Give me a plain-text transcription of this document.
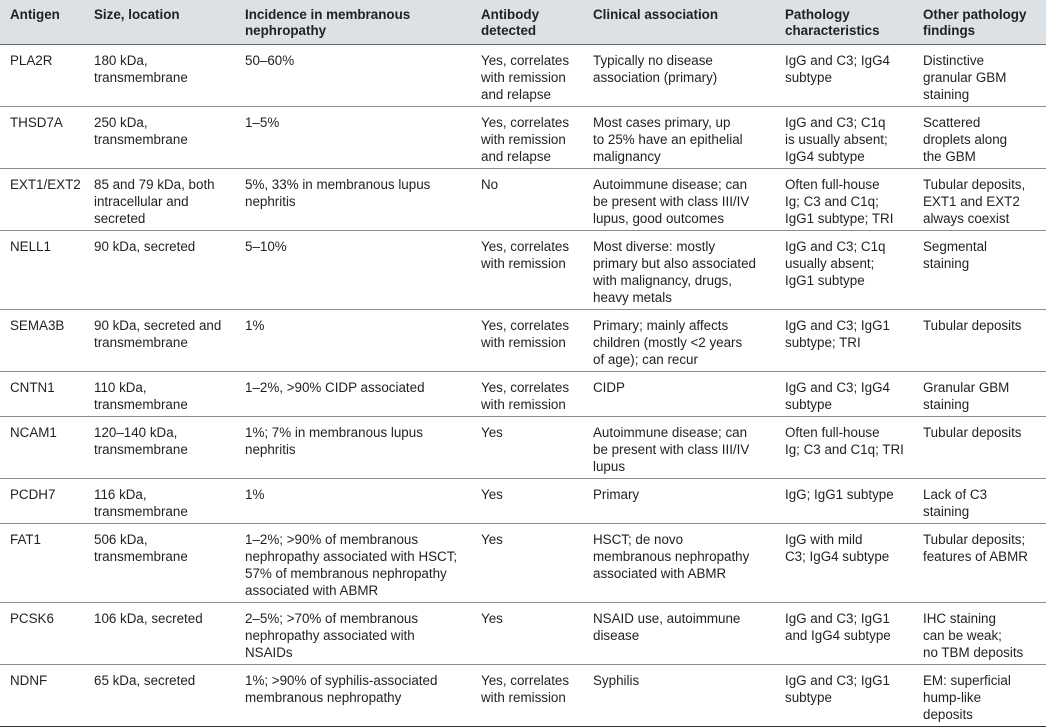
Antigen	Size, location	Incidence in membranous
nephropathy	Antibody
detected	Clinical association	Pathology
characteristics	Other pathology
findings
PLA2R	180 kDa,
transmembrane	50–60%	Yes, correlates
with remission
and relapse	Typically no disease
association (primary)	IgG and C3; IgG4
subtype	Distinctive
granular GBM
staining
THSD7A	250 kDa,
transmembrane	1–5%	Yes, correlates
with remission
and relapse	Most cases primary, up
to 25% have an epithelial
malignancy	IgG and C3; C1q
is usually absent;
IgG4 subtype	Scattered
droplets along
the GBM
EXT1/EXT2	85 and 79 kDa, both
intracellular and
secreted	5%, 33% in membranous lupus
nephritis	No	Autoimmune disease; can
be present with class III/IV
lupus, good outcomes	Often full-house
Ig; C3 and C1q;
IgG1 subtype; TRI	Tubular deposits,
EXT1 and EXT2
always coexist
NELL1	90 kDa, secreted	5–10%	Yes, correlates
with remission	Most diverse: mostly
primary but also associated
with malignancy, drugs,
heavy metals	IgG and C3; C1q
usually absent;
IgG1 subtype	Segmental
staining
SEMA3B	90 kDa, secreted and
transmembrane	1%	Yes, correlates
with remission	Primary; mainly affects
children (mostly <2 years
of age); can recur	IgG and C3; IgG1
subtype; TRI	Tubular deposits
CNTN1	110 kDa,
transmembrane	1–2%, >90% CIDP associated	Yes, correlates
with remission	CIDP	IgG and C3; IgG4
subtype	Granular GBM
staining
NCAM1	120–140 kDa,
transmembrane	1%; 7% in membranous lupus
nephritis	Yes	Autoimmune disease; can
be present with class III/IV
lupus	Often full-house
Ig; C3 and C1q; TRI	Tubular deposits
PCDH7	116 kDa,
transmembrane	1%	Yes	Primary	IgG; IgG1 subtype	Lack of C3
staining
FAT1	506 kDa,
transmembrane	1–2%; >90% of membranous
nephropathy associated with HSCT;
57% of membranous nephropathy
associated with ABMR	Yes	HSCT; de novo
membranous nephropathy
associated with ABMR	IgG with mild
C3; IgG4 subtype	Tubular deposits;
features of ABMR
PCSK6	106 kDa, secreted	2–5%; >70% of membranous
nephropathy associated with
NSAIDs	Yes	NSAID use, autoimmune
disease	IgG and C3; IgG1
and IgG4 subtype	IHC staining
can be weak;
no TBM deposits
NDNF	65 kDa, secreted	1%; >90% of syphilis-associated
membranous nephropathy	Yes, correlates
with remission	Syphilis	IgG and C3; IgG1
subtype	EM: superficial
hump-like
deposits
